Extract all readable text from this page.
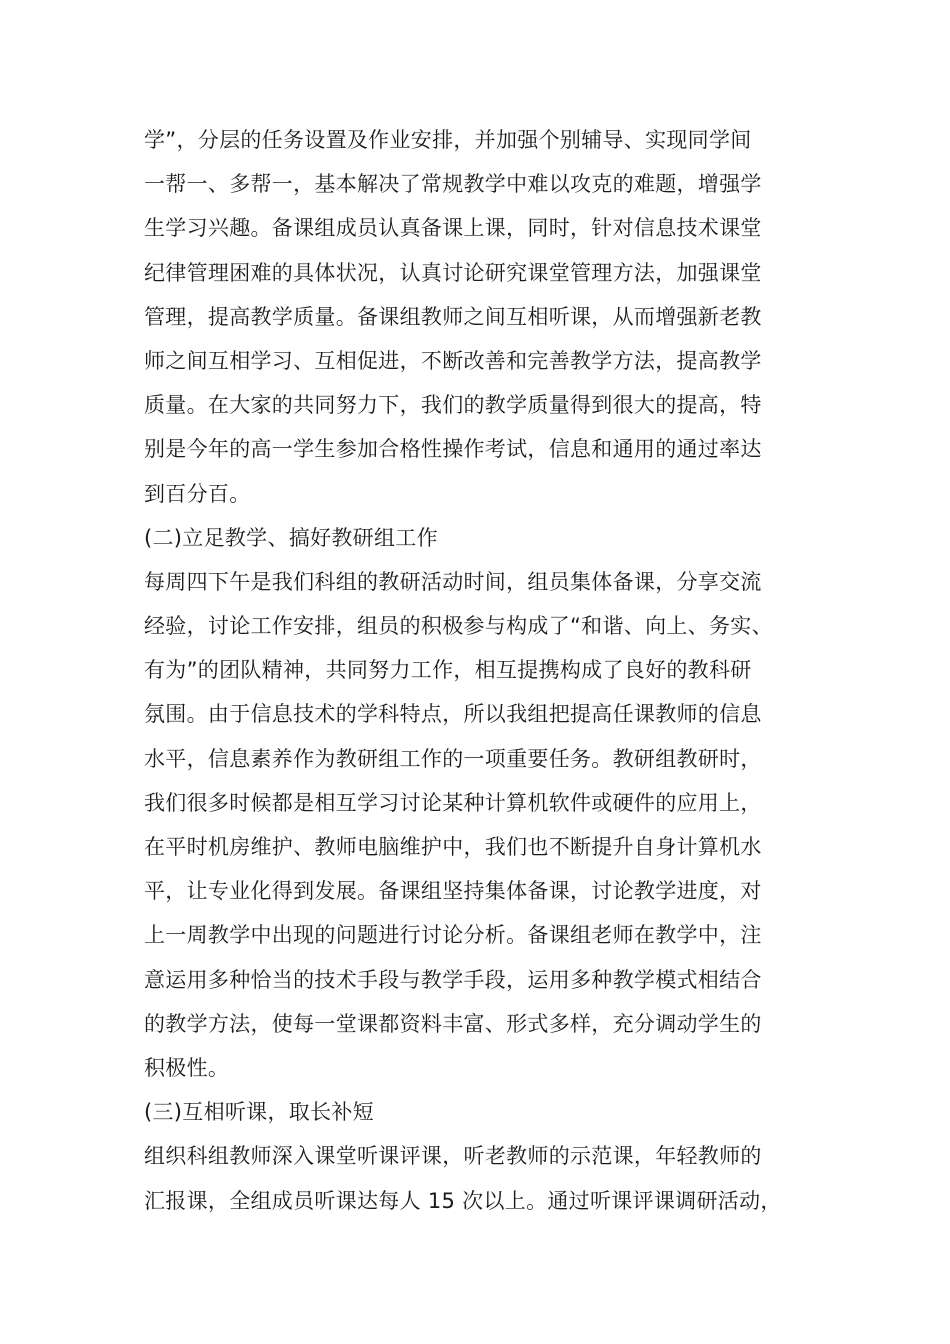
学”，分层的任务设置及作业安排，并加强个别辅导、实现同学间
一帮一、多帮一，基本解决了常规教学中难以攻克的难题，增强学
生学习兴趣。备课组成员认真备课上课，同时，针对信息技术课堂
纪律管理困难的具体状况，认真讨论研究课堂管理方法，加强课堂
管理，提高教学质量。备课组教师之间互相听课，从而增强新老教
师之间互相学习、互相促进，不断改善和完善教学方法，提高教学
质量。在大家的共同努力下，我们的教学质量得到很大的提高，特
别是今年的高一学生参加合格性操作考试，信息和通用的通过率达
到百分百。
(二)立足教学、搞好教研组工作
每周四下午是我们科组的教研活动时间，组员集体备课，分享交流
经验，讨论工作安排，组员的积极参与构成了“和谐、向上、务实、
有为”的团队精神，共同努力工作，相互提携构成了良好的教科研
氛围。由于信息技术的学科特点，所以我组把提高任课教师的信息
水平，信息素养作为教研组工作的一项重要任务。教研组教研时，
我们很多时候都是相互学习讨论某种计算机软件或硬件的应用上，
在平时机房维护、教师电脑维护中，我们也不断提升自身计算机水
平，让专业化得到发展。备课组坚持集体备课，讨论教学进度，对
上一周教学中出现的问题进行讨论分析。备课组老师在教学中，注
意运用多种恰当的技术手段与教学手段，运用多种教学模式相结合
的教学方法，使每一堂课都资料丰富、形式多样，充分调动学生的
积极性。
(三)互相听课，取长补短
组织科组教师深入课堂听课评课，听老教师的示范课，年轻教师的
汇报课，全组成员听课达每人 15 次以上。通过听课评课调研活动，
